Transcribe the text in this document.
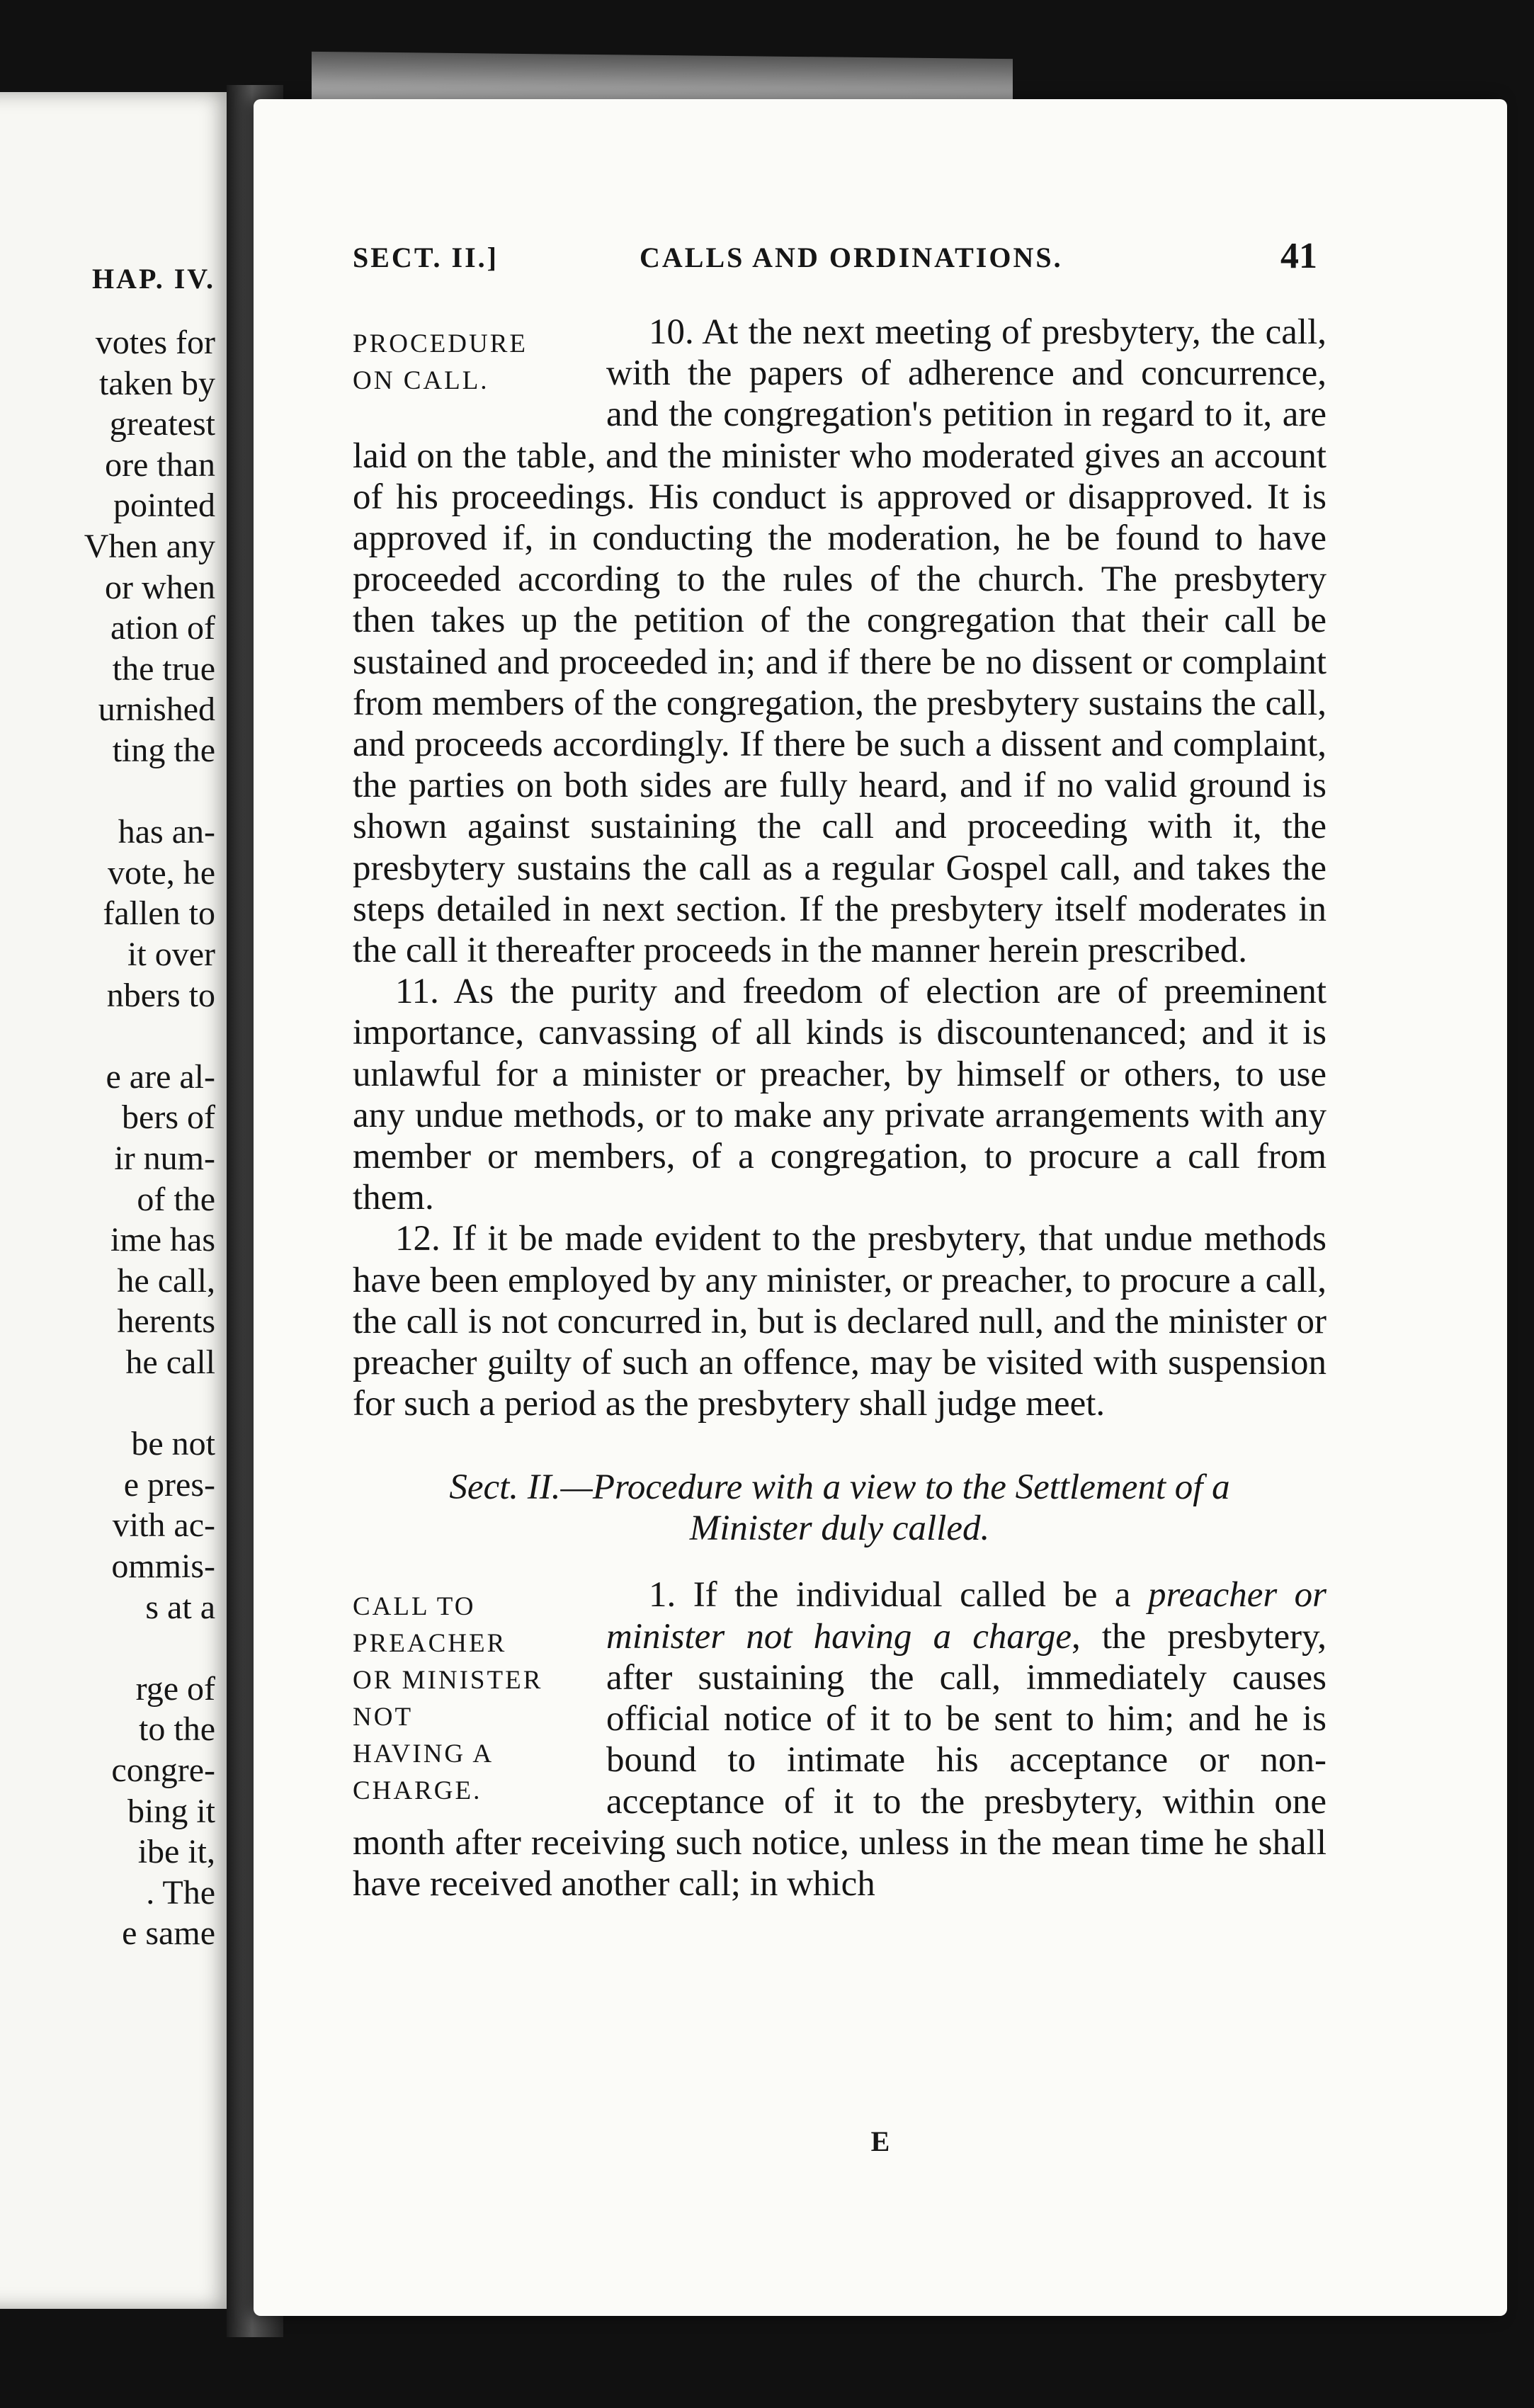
HAP. IV.
votes for
taken by
greatest
ore than
pointed
Vhen any
or when
ation of
the true
urnished
ting the
has an-
vote, he
fallen to
it over
nbers to
e are al-
bers of
ir num-
of the
ime has
he call,
herents
he call
be not
e pres-
vith ac-
ommis-
s at a
rge of
to the
congre-
bing it
ibe it,
. The
e same
SECT. II.]	CALLS AND ORDINATIONS.	41
PROCEDURE
ON CALL.

10. At the next meeting of presbytery, the call, with the papers of adherence and concurrence, and the congregation's petition in regard to it, are laid on the table, and the minister who moderated gives an account of his proceedings. His conduct is approved or disapproved. It is approved if, in conducting the moderation, he be found to have proceeded according to the rules of the church. The presbytery then takes up the petition of the congregation that their call be sustained and proceeded in; and if there be no dissent or complaint from members of the congregation, the presbytery sustains the call, and proceeds accordingly. If there be such a dissent and complaint, the parties on both sides are fully heard, and if no valid ground is shown against sustaining the call and proceeding with it, the presbytery sustains the call as a regular Gospel call, and takes the steps detailed in next section. If the presbytery itself moderates in the call it thereafter proceeds in the manner herein prescribed.

11. As the purity and freedom of election are of preeminent importance, canvassing of all kinds is discountenanced; and it is unlawful for a minister or preacher, by himself or others, to use any undue methods, or to make any private arrangements with any member or members, of a congregation, to procure a call from them.

12. If it be made evident to the presbytery, that undue methods have been employed by any minister, or preacher, to procure a call, the call is not concurred in, but is declared null, and the minister or preacher guilty of such an offence, may be visited with suspension for such a period as the presbytery shall judge meet.

Sect. II.—Procedure with a view to the Settlement of a
Minister duly called.
CALL TO PREACHER
OR MINISTER NOT
HAVING A CHARGE.

1. If the individual called be a preacher or minister not having a charge, the presbytery, after sustaining the call, immediately causes official notice of it to be sent to him; and he is bound to intimate his acceptance or non-acceptance of it to the presbytery, within one month after receiving such notice, unless in the mean time he shall have received another call; in which

E
